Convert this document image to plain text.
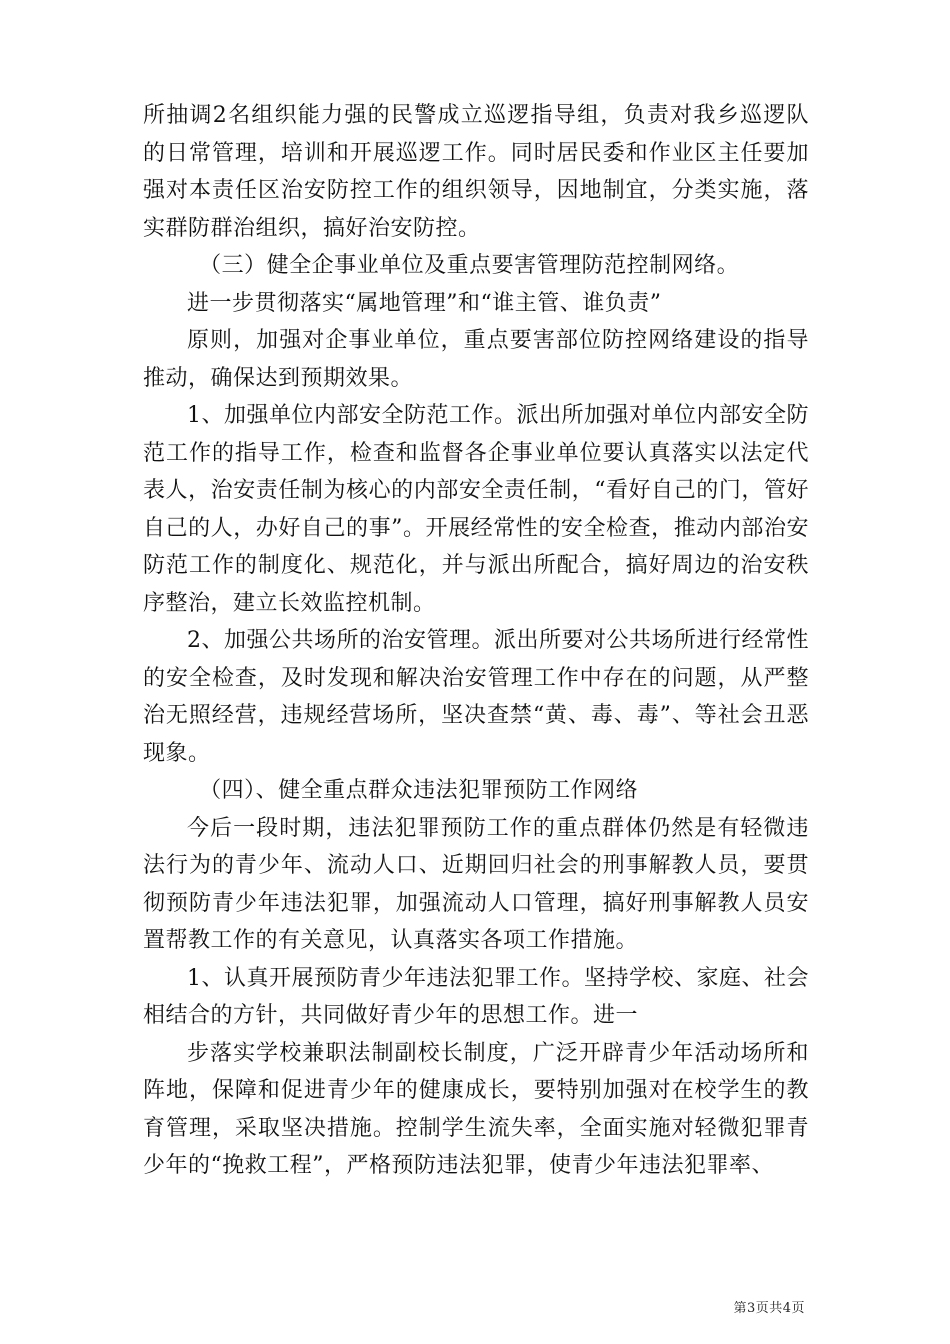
所抽调2名组织能力强的民警成立巡逻指导组，负责对我乡巡逻队的日常管理，培训和开展巡逻工作。同时居民委和作业区主任要加强对本责任区治安防控工作的组织领导，因地制宜，分类实施，落实群防群治组织，搞好治安防控。

（三）健全企事业单位及重点要害管理防范控制网络。

进一步贯彻落实“属地管理”和“谁主管、谁负责”

原则，加强对企事业单位，重点要害部位防控网络建设的指导推动，确保达到预期效果。

1、加强单位内部安全防范工作。派出所加强对单位内部安全防范工作的指导工作，检查和监督各企事业单位要认真落实以法定代表人，治安责任制为核心的内部安全责任制，“看好自己的门，管好自己的人，办好自己的事”。开展经常性的安全检查，推动内部治安防范工作的制度化、规范化，并与派出所配合，搞好周边的治安秩序整治，建立长效监控机制。

2、加强公共场所的治安管理。派出所要对公共场所进行经常性的安全检查，及时发现和解决治安管理工作中存在的问题，从严整治无照经营，违规经营场所，坚决查禁“黄、毒、毒”、等社会丑恶现象。

（四）、健全重点群众违法犯罪预防工作网络

今后一段时期，违法犯罪预防工作的重点群体仍然是有轻微违法行为的青少年、流动人口、近期回归社会的刑事解教人员，要贯彻预防青少年违法犯罪，加强流动人口管理，搞好刑事解教人员安置帮教工作的有关意见，认真落实各项工作措施。

1、认真开展预防青少年违法犯罪工作。坚持学校、家庭、社会相结合的方针，共同做好青少年的思想工作。进一

步落实学校兼职法制副校长制度，广泛开辟青少年活动场所和阵地，保障和促进青少年的健康成长，要特别加强对在校学生的教育管理，采取坚决措施。控制学生流失率，全面实施对轻微犯罪青少年的“挽救工程”，严格预防违法犯罪，使青少年违法犯罪率、

第3页共4页
